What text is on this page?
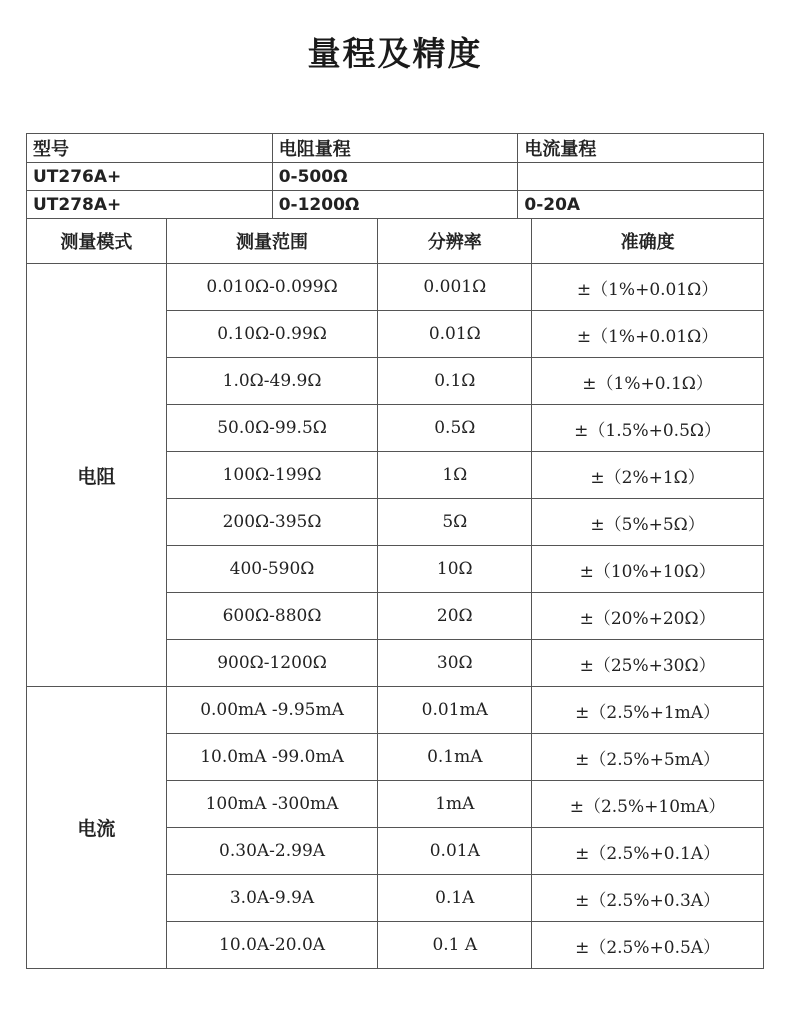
量程及精度
型号	电阻量程	电流量程
UT276A+	0-500Ω	
UT278A+	0-1200Ω	0-20A
测量模式	测量范围	分辨率	准确度
电阻	0.010Ω-0.099Ω	0.001Ω	±（1%+0.01Ω）
	0.10Ω-0.99Ω	0.01Ω	±（1%+0.01Ω）
	1.0Ω-49.9Ω	0.1Ω	±（1%+0.1Ω）
	50.0Ω-99.5Ω	0.5Ω	±（1.5%+0.5Ω）
	100Ω-199Ω	1Ω	±（2%+1Ω）
	200Ω-395Ω	5Ω	±（5%+5Ω）
	400-590Ω	10Ω	±（10%+10Ω）
	600Ω-880Ω	20Ω	±（20%+20Ω）
	900Ω-1200Ω	30Ω	±（25%+30Ω）
电流	0.00mA -9.95mA	0.01mA	±（2.5%+1mA）
	10.0mA -99.0mA	0.1mA	±（2.5%+5mA）
	100mA -300mA	1mA	±（2.5%+10mA）
	0.30A-2.99A	0.01A	±（2.5%+0.1A）
	3.0A-9.9A	0.1A	±（2.5%+0.3A）
	10.0A-20.0A	0.1 A	±（2.5%+0.5A）
